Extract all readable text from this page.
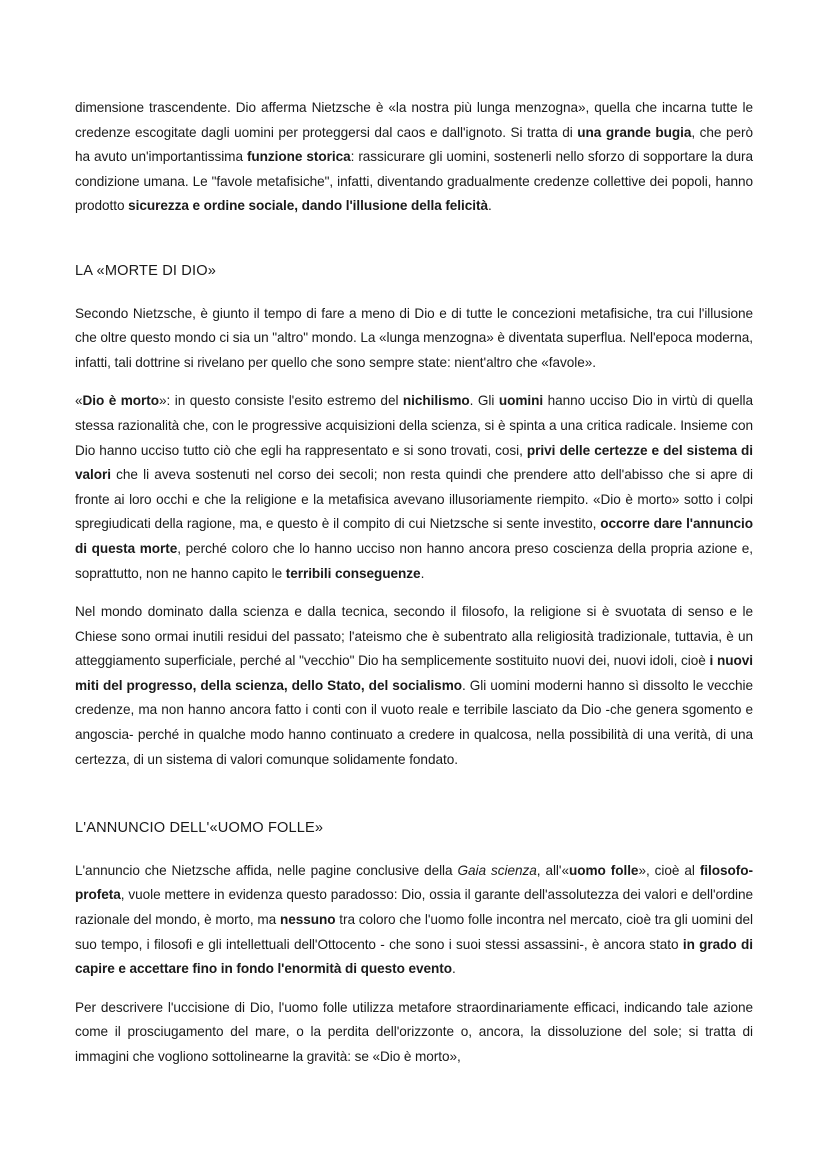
dimensione trascendente. Dio afferma Nietzsche è «la nostra più lunga menzogna», quella che incarna tutte le credenze escogitate dagli uomini per proteggersi dal caos e dall'ignoto. Si tratta di una grande bugia, che però ha avuto un'importantissima funzione storica: rassicurare gli uomini, sostenerli nello sforzo di sopportare la dura condizione umana. Le "favole metafisiche", infatti, diventando gradualmente credenze collettive dei popoli, hanno prodotto sicurezza e ordine sociale, dando l'illusione della felicità.

LA «MORTE DI DIO»

Secondo Nietzsche, è giunto il tempo di fare a meno di Dio e di tutte le concezioni metafisiche, tra cui l'illusione che oltre questo mondo ci sia un "altro" mondo. La «lunga menzogna» è diventata superflua. Nell'epoca moderna, infatti, tali dottrine si rivelano per quello che sono sempre state: nient'altro che «favole».

«Dio è morto»: in questo consiste l'esito estremo del nichilismo. Gli uomini hanno ucciso Dio in virtù di quella stessa razionalità che, con le progressive acquisizioni della scienza, si è spinta a una critica radicale. Insieme con Dio hanno ucciso tutto ciò che egli ha rappresentato e si sono trovati, cosi, privi delle certezze e del sistema di valori che li aveva sostenuti nel corso dei secoli; non resta quindi che prendere atto dell'abisso che si apre di fronte ai loro occhi e che la religione e la metafisica avevano illusoriamente riempito. «Dio è morto» sotto i colpi spregiudicati della ragione, ma, e questo è il compito di cui Nietzsche si sente investito, occorre dare l'annuncio di questa morte, perché coloro che lo hanno ucciso non hanno ancora preso coscienza della propria azione e, soprattutto, non ne hanno capito le terribili conseguenze.

Nel mondo dominato dalla scienza e dalla tecnica, secondo il filosofo, la religione si è svuotata di senso e le Chiese sono ormai inutili residui del passato; l'ateismo che è subentrato alla religiosità tradizionale, tuttavia, è un atteggiamento superficiale, perché al "vecchio" Dio ha semplicemente sostituito nuovi dei, nuovi idoli, cioè i nuovi miti del progresso, della scienza, dello Stato, del socialismo. Gli uomini moderni hanno sì dissolto le vecchie credenze, ma non hanno ancora fatto i conti con il vuoto reale e terribile lasciato da Dio -che genera sgomento e angoscia- perché in qualche modo hanno continuato a credere in qualcosa, nella possibilità di una verità, di una certezza, di un sistema di valori comunque solidamente fondato.

L'ANNUNCIO DELL'«UOMO FOLLE»

L'annuncio che Nietzsche affida, nelle pagine conclusive della Gaia scienza, all'«uomo folle», cioè al filosofo-profeta, vuole mettere in evidenza questo paradosso: Dio, ossia il garante dell'assolutezza dei valori e dell'ordine razionale del mondo, è morto, ma nessuno tra coloro che l'uomo folle incontra nel mercato, cioè tra gli uomini del suo tempo, i filosofi e gli intellettuali dell'Ottocento - che sono i suoi stessi assassini-, è ancora stato in grado di capire e accettare fino in fondo l'enormità di questo evento.

Per descrivere l'uccisione di Dio, l'uomo folle utilizza metafore straordinariamente efficaci, indicando tale azione come il prosciugamento del mare, o la perdita dell'orizzonte o, ancora, la dissoluzione del sole; si tratta di immagini che vogliono sottolinearne la gravità: se «Dio è morto»,
